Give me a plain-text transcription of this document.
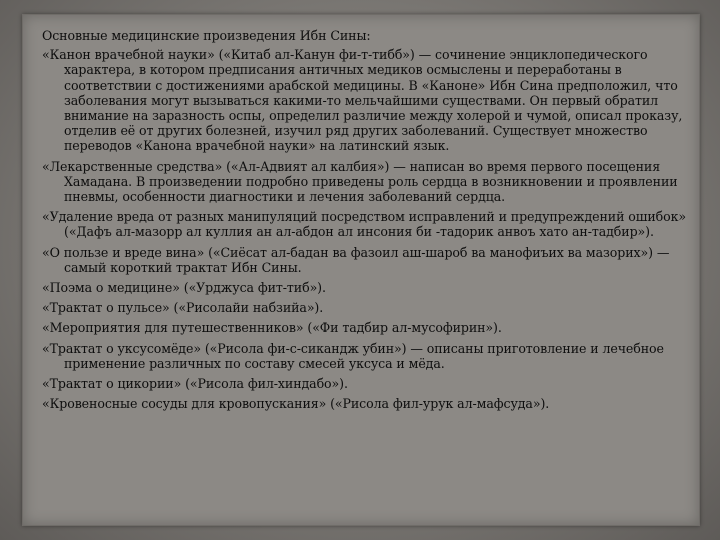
Основные медицинские произведения Ибн Сины:
«Канон врачебной науки» («Китаб ал-Канун фи-т-тибб») — сочинение энциклопедического характера, в котором предписания античных медиков осмыслены и переработаны в соответствии с достижениями арабской медицины. В «Каноне» Ибн Сина предположил, что заболевания могут вызываться какими-то мельчайшими существами. Он первый обратил внимание на заразность оспы, определил различие между холерой и чумой, описал проказу, отделив её от других болезней, изучил ряд других заболеваний. Существует множество переводов «Канона врачебной науки» на латинский язык.
«Лекарственные средства» («Ал-Адвият ал калбия») — написан во время первого посещения Хамадана. В произведении подробно приведены роль сердца в возникновении и проявлении пневмы, особенности диагностики и лечения заболеваний сердца.
«Удаление вреда от разных манипуляций посредством исправлений и предупреждений ошибок» («Дафъ ал-мазорр ал куллия ан ал-абдон ал инсония би -тадорик анвоъ хато ан-тадбир»).
«О пользе и вреде вина» («Сиёсат ал-бадан ва фазоил аш-шароб ва манофиъих ва мазорих») — самый короткий трактат Ибн Сины.
«Поэма о медицине» («Урджуса фит-тиб»).
«Трактат о пульсе» («Рисолайи набзийа»).
«Мероприятия для путешественников» («Фи тадбир ал-мусофирин»).
«Трактат о уксусомёде» («Рисола фи-с-сикандж убин») — описаны приготовление и лечебное применение различных по составу смесей уксуса и мёда.
«Трактат о цикории» («Рисола фил-хиндабо»).
«Кровеносные сосуды для кровопускания» («Рисола фил-урук ал-мафсуда»).
